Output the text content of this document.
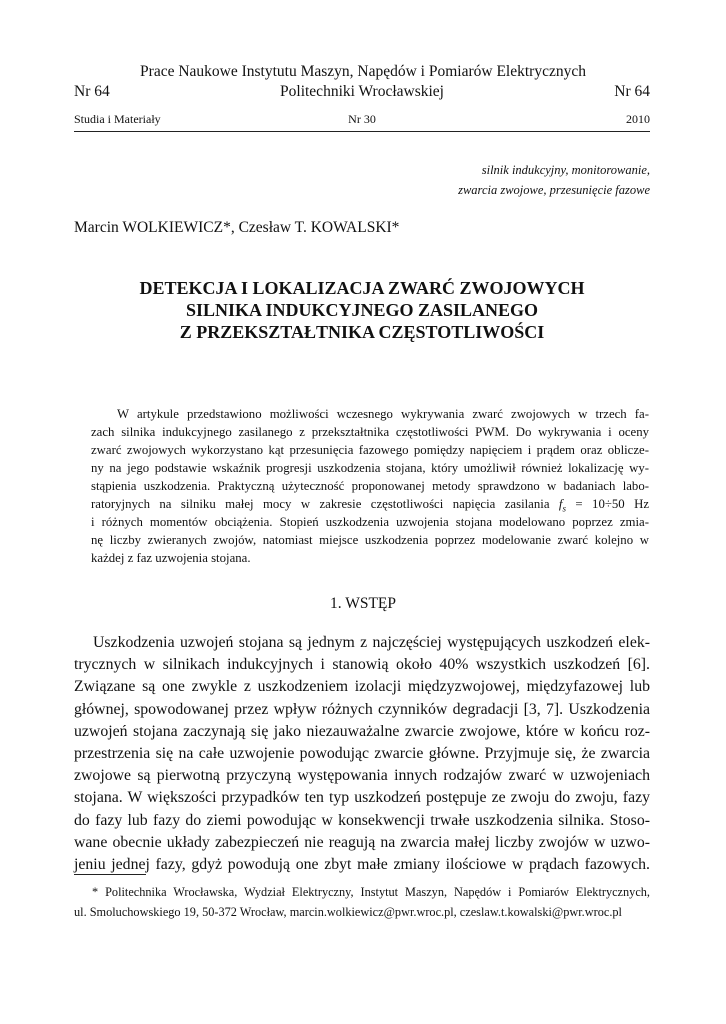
Prace Naukowe Instytutu Maszyn, Napędów i Pomiarów Elektrycznych
Nr 64	Politechniki Wrocławskiej	Nr 64
Studia i Materiały	Nr 30	2010
silnik indukcyjny, monitorowanie,
zwarcia zwojowe, przesunięcie fazowe
Marcin WOLKIEWICZ*, Czesław T. KOWALSKI*
DETEKCJA I LOKALIZACJA ZWARĆ ZWOJOWYCH
SILNIKA INDUKCYJNEGO ZASILANEGO
Z PRZEKSZTAŁTNIKA CZĘSTOTLIWOŚCI
W artykule przedstawiono możliwości wczesnego wykrywania zwarć zwojowych w trzech fa-
zach silnika indukcyjnego zasilanego z przekształtnika częstotliwości PWM. Do wykrywania i oceny
zwarć zwojowych wykorzystano kąt przesunięcia fazowego pomiędzy napięciem i prądem oraz oblicze-
ny na jego podstawie wskaźnik progresji uszkodzenia stojana, który umożliwił również lokalizację wy-
stąpienia uszkodzenia. Praktyczną użyteczność proponowanej metody sprawdzono w badaniach labo-
ratoryjnych na silniku małej mocy w zakresie częstotliwości napięcia zasilania $f_s = 10\div 50$ Hz
i różnych momentów obciążenia. Stopień uszkodzenia uzwojenia stojana modelowano poprzez zmia-
nę liczby zwieranych zwojów, natomiast miejsce uszkodzenia poprzez modelowanie zwarć kolejno w
każdej z faz uzwojenia stojana.
1. WSTĘP
Uszkodzenia uzwojeń stojana są jednym z najczęściej występujących uszkodzeń elek-
trycznych w silnikach indukcyjnych i stanowią około 40% wszystkich uszkodzeń [6].
Związane są one zwykle z uszkodzeniem izolacji międzyzwojowej, międzyfazowej lub
głównej, spowodowanej przez wpływ różnych czynników degradacji [3, 7]. Uszkodzenia
uzwojeń stojana zaczynają się jako niezauważalne zwarcie zwojowe, które w końcu roz-
przestrzenia się na całe uzwojenie powodując zwarcie główne. Przyjmuje się, że zwarcia
zwojowe są pierwotną przyczyną występowania innych rodzajów zwarć w uzwojeniach
stojana. W większości przypadków ten typ uszkodzeń postępuje ze zwoju do zwoju, fazy
do fazy lub fazy do ziemi powodując w konsekwencji trwałe uszkodzenia silnika. Stoso-
wane obecnie układy zabezpieczeń nie reagują na zwarcia małej liczby zwojów w uzwo-
jeniu jednej fazy, gdyż powodują one zbyt małe zmiany ilościowe w prądach fazowych.
* Politechnika Wrocławska, Wydział Elektryczny, Instytut Maszyn, Napędów i Pomiarów Elektrycznych,
ul. Smoluchowskiego 19, 50-372 Wrocław, marcin.wolkiewicz@pwr.wroc.pl, czeslaw.t.kowalski@pwr.wroc.pl
